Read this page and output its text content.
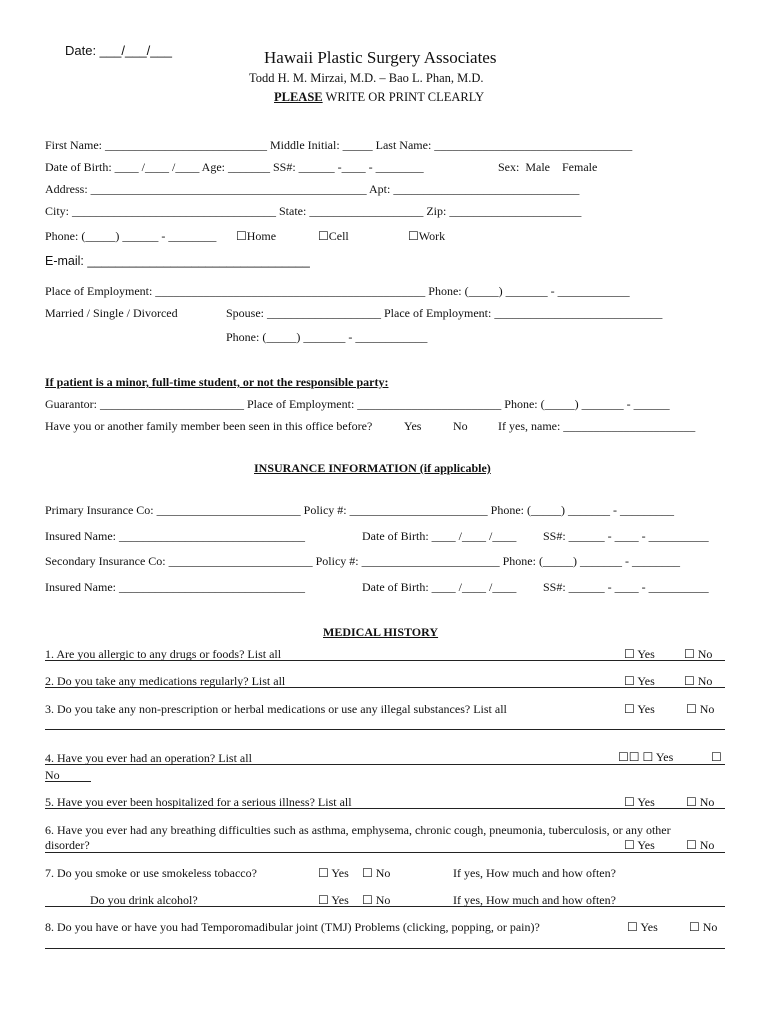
Date: ___/___/___	Hawaii Plastic Surgery Associates
Todd H. M. Mirzai, M.D. – Bao L. Phan, M.D.
PLEASE WRITE OR PRINT CLEARLY
First Name: ___________________________ Middle Initial: _____ Last Name: _________________________________
Date of Birth: ____ /____ /____ Age: _______ SS#: ______ -____ - ________	Sex:  Male    Female
Address: ______________________________________________ Apt: _______________________________
City: __________________________________ State: ___________________ Zip: ______________________
Phone: (_____) ______ - ________ ☐Home	☐Cell	☐Work
E-mail: ________________________________
Place of Employment: _____________________________________________ Phone: (_____) _______ - ____________
Married / Single / Divorced	Spouse: ___________________ Place of Employment: ____________________________
Phone: (_____) _______ - ____________
If patient is a minor, full-time student, or not the responsible party:
Guarantor: ________________________ Place of Employment: ________________________ Phone: (_____) _______ - ______
Have you or another family member been seen in this office before?	Yes	No	If yes, name: ______________________
INSURANCE INFORMATION (if applicable)
Primary Insurance Co: ________________________ Policy #: _______________________ Phone: (_____) _______ - _________
Insured Name: _______________________________	Date of Birth: ____ /____ /____ SS#: ______ - ____ - __________
Secondary Insurance Co: ________________________ Policy #: _______________________ Phone: (_____) _______ - ________
Insured Name: _______________________________	Date of Birth: ____ /____ /____ SS#: ______ - ____ - __________
MEDICAL HISTORY
1. Are you allergic to any drugs or foods? List all	☐ Yes ☐ No
2. Do you take any medications regularly? List all	☐ Yes ☐ No
3. Do you take any non-prescription or herbal medications or use any illegal substances? List all	☐ Yes	☐ No
4. Have you ever had an operation? List all	☐☐ ☐ Yes	☐
No
5. Have you ever been hospitalized for a serious illness? List all	☐ Yes	☐ No
6. Have you ever had any breathing difficulties such as asthma, emphysema, chronic cough, pneumonia, tuberculosis, or any other
disorder?	☐ Yes	☐ No
7. Do you smoke or use smokeless tobacco?	☐ Yes ☐ No	If yes, How much and how often?
Do you drink alcohol?	☐ Yes ☐ No	If yes, How much and how often?
8. Do you have or have you had Temporomadibular joint (TMJ) Problems (clicking, popping, or pain)?	☐ Yes	☐ No
